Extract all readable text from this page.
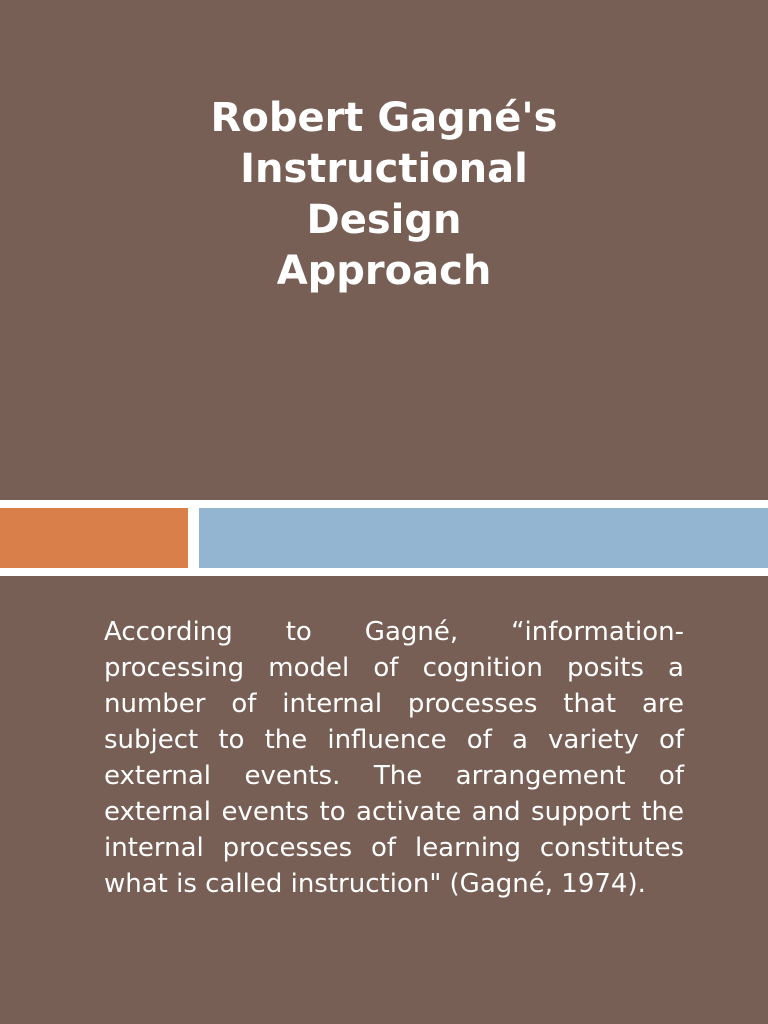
Robert Gagné's
Instructional
Design
Approach

According to Gagné, “information-processing model of cognition posits a number of internal processes that are subject to the influence of a variety of external events. The arrangement of external events to activate and support the internal processes of learning constitutes what is called instruction" (Gagné, 1974).
